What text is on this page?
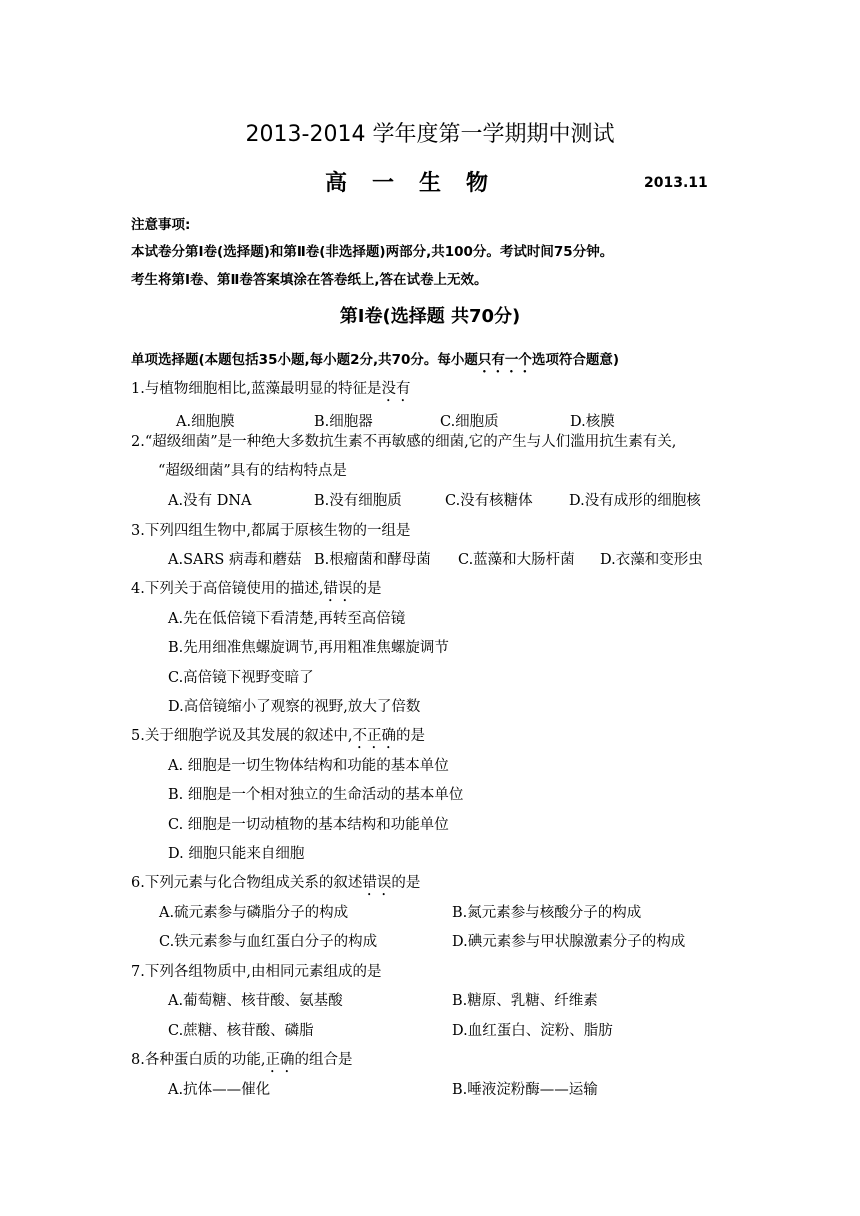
2013-2014 学年度第一学期期中测试
高一生物	2013.11
注意事项:
本试卷分第Ⅰ卷(选择题)和第Ⅱ卷(非选择题)两部分,共100分。考试时间75分钟。
考生将第Ⅰ卷、第Ⅱ卷答案填涂在答卷纸上,答在试卷上无效。
第Ⅰ卷(选择题 共70分)
单项选择题(本题包括35小题,每小题2分,共70分。每小题只有一个选项符合题意)
1.与植物细胞相比,蓝藻最明显的特征是没有
A.细胞膜	B.细胞器	C.细胞质	D.核膜
2.“超级细菌”是一种绝大多数抗生素不再敏感的细菌,它的产生与人们滥用抗生素有关,
“超级细菌”具有的结构特点是
A.没有 DNA	B.没有细胞质	C.没有核糖体	D.没有成形的细胞核
3.下列四组生物中,都属于原核生物的一组是
A.SARS 病毒和蘑菇 B.根瘤菌和酵母菌 C.蓝藻和大肠杆菌 D.衣藻和变形虫
4.下列关于高倍镜使用的描述,错误的是
A.先在低倍镜下看清楚,再转至高倍镜
B.先用细准焦螺旋调节,再用粗准焦螺旋调节
C.高倍镜下视野变暗了
D.高倍镜缩小了观察的视野,放大了倍数
5.关于细胞学说及其发展的叙述中,不正确的是
A. 细胞是一切生物体结构和功能的基本单位
B. 细胞是一个相对独立的生命活动的基本单位
C. 细胞是一切动植物的基本结构和功能单位
D. 细胞只能来自细胞
6.下列元素与化合物组成关系的叙述错误的是
A.硫元素参与磷脂分子的构成	B.氮元素参与核酸分子的构成
C.铁元素参与血红蛋白分子的构成	D.碘元素参与甲状腺激素分子的构成
7.下列各组物质中,由相同元素组成的是
A.葡萄糖、核苷酸、氨基酸	B.糖原、乳糖、纤维素
C.蔗糖、核苷酸、磷脂	D.血红蛋白、淀粉、脂肪
8.各种蛋白质的功能,正确的组合是
A.抗体——催化	B.唾液淀粉酶——运输
